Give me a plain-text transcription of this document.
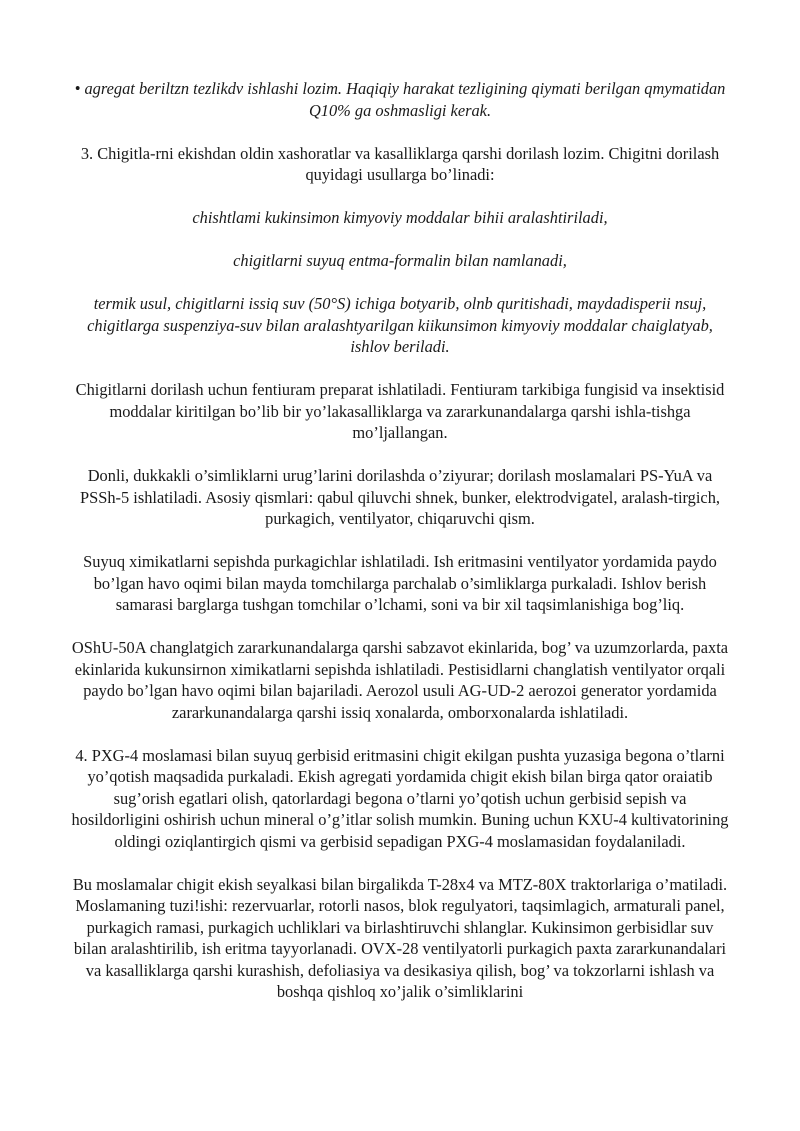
• agregat beriltzn tezlikdv ishlashi lozim. Haqiqiy harakat tezligining qiymati berilgan qmymatidan Q10% ga oshmasligi kerak.

3. Chigitla-rni ekishdan oldin xashoratlar va kasalliklarga qarshi dorilash lozim. Chigitni dorilash quyidagi usullarga bo’linadi:

chishtlami kukinsimon kimyoviy moddalar bihii aralashtiriladi,

chigitlarni suyuq entma-formalin bilan namlanadi,

termik usul, chigitlarni issiq suv (50°S) ichiga botyarib, olnb quritishadi, maydadisperii nsuj, chigitlarga suspenziya-suv bilan aralashtyarilgan kiikunsimon kimyoviy moddalar chaiglatyab, ishlov beriladi.

Chigitlarni dorilash uchun fentiuram preparat ishlatiladi. Fentiuram tarkibiga fungisid va insektisid moddalar kiritilgan bo’lib bir yo’lakasalliklarga va zararkunandalarga qarshi ishla-tishga mo’ljallangan.

Donli, dukkakli o’simliklarni urug’larini dorilashda o’ziyurar; dorilash moslamalari PS-YuA va PSSh-5 ishlatiladi. Asosiy qismlari: qabul qiluvchi shnek, bunker, elektrodvigatel, aralash-tirgich, purkagich, ventilyator, chiqaruvchi qism.

Suyuq ximikatlarni sepishda purkagichlar ishlatiladi. Ish eritmasini ventilyator yordamida paydo bo’lgan havo oqimi bilan mayda tomchilarga parchalab o’simliklarga purkaladi. Ishlov berish samarasi barglarga tushgan tomchilar o’lchami, soni va bir xil taqsimlanishiga bog’liq.

OShU-50A changlatgich zararkunandalarga qarshi sabzavot ekinlarida, bog’ va uzumzorlarda, paxta ekinlarida kukunsirnon ximikatlarni sepishda ishlatiladi. Pestisidlarni changlatish ventilyator orqali paydo bo’lgan havo oqimi bilan bajariladi. Aerozol usuli AG-UD-2 aerozoi generator yordamida zararkunandalarga qarshi issiq xonalarda, omborxonalarda ishlatiladi.

4. PXG-4 moslamasi bilan suyuq gerbisid eritmasini chigit ekilgan pushta yuzasiga begona o’tlarni yo’qotish maqsadida purkaladi. Ekish agregati yordamida chigit ekish bilan birga qator oraiatib sug’orish egatlari olish, qatorlardagi begona o’tlarni yo’qotish uchun gerbisid sepish va hosildorligini oshirish uchun mineral o’g’itlar solish mumkin. Buning uchun KXU-4 kultivatorining oldingi oziqlantirgich qismi va gerbisid sepadigan PXG-4 moslamasidan foydalaniladi.

Bu moslamalar chigit ekish seyalkasi bilan birgalikda T-28x4 va MTZ-80X traktorlariga o’matiladi. Moslamaning tuzi!ishi: rezervuarlar, rotorli nasos, blok regulyatori, taqsimlagich, armaturali panel, purkagich ramasi, purkagich uchliklari va birlashtiruvchi shlanglar. Kukinsimon gerbisidlar suv bilan aralashtirilib, ish eritma tayyorlanadi. OVX-28 ventilyatorli purkagich paxta zararkunandalari va kasalliklarga qarshi kurashish, defoliasiya va desikasiya qilish, bog’ va tokzorlarni ishlash va boshqa qishloq xo’jalik o’simliklarini
